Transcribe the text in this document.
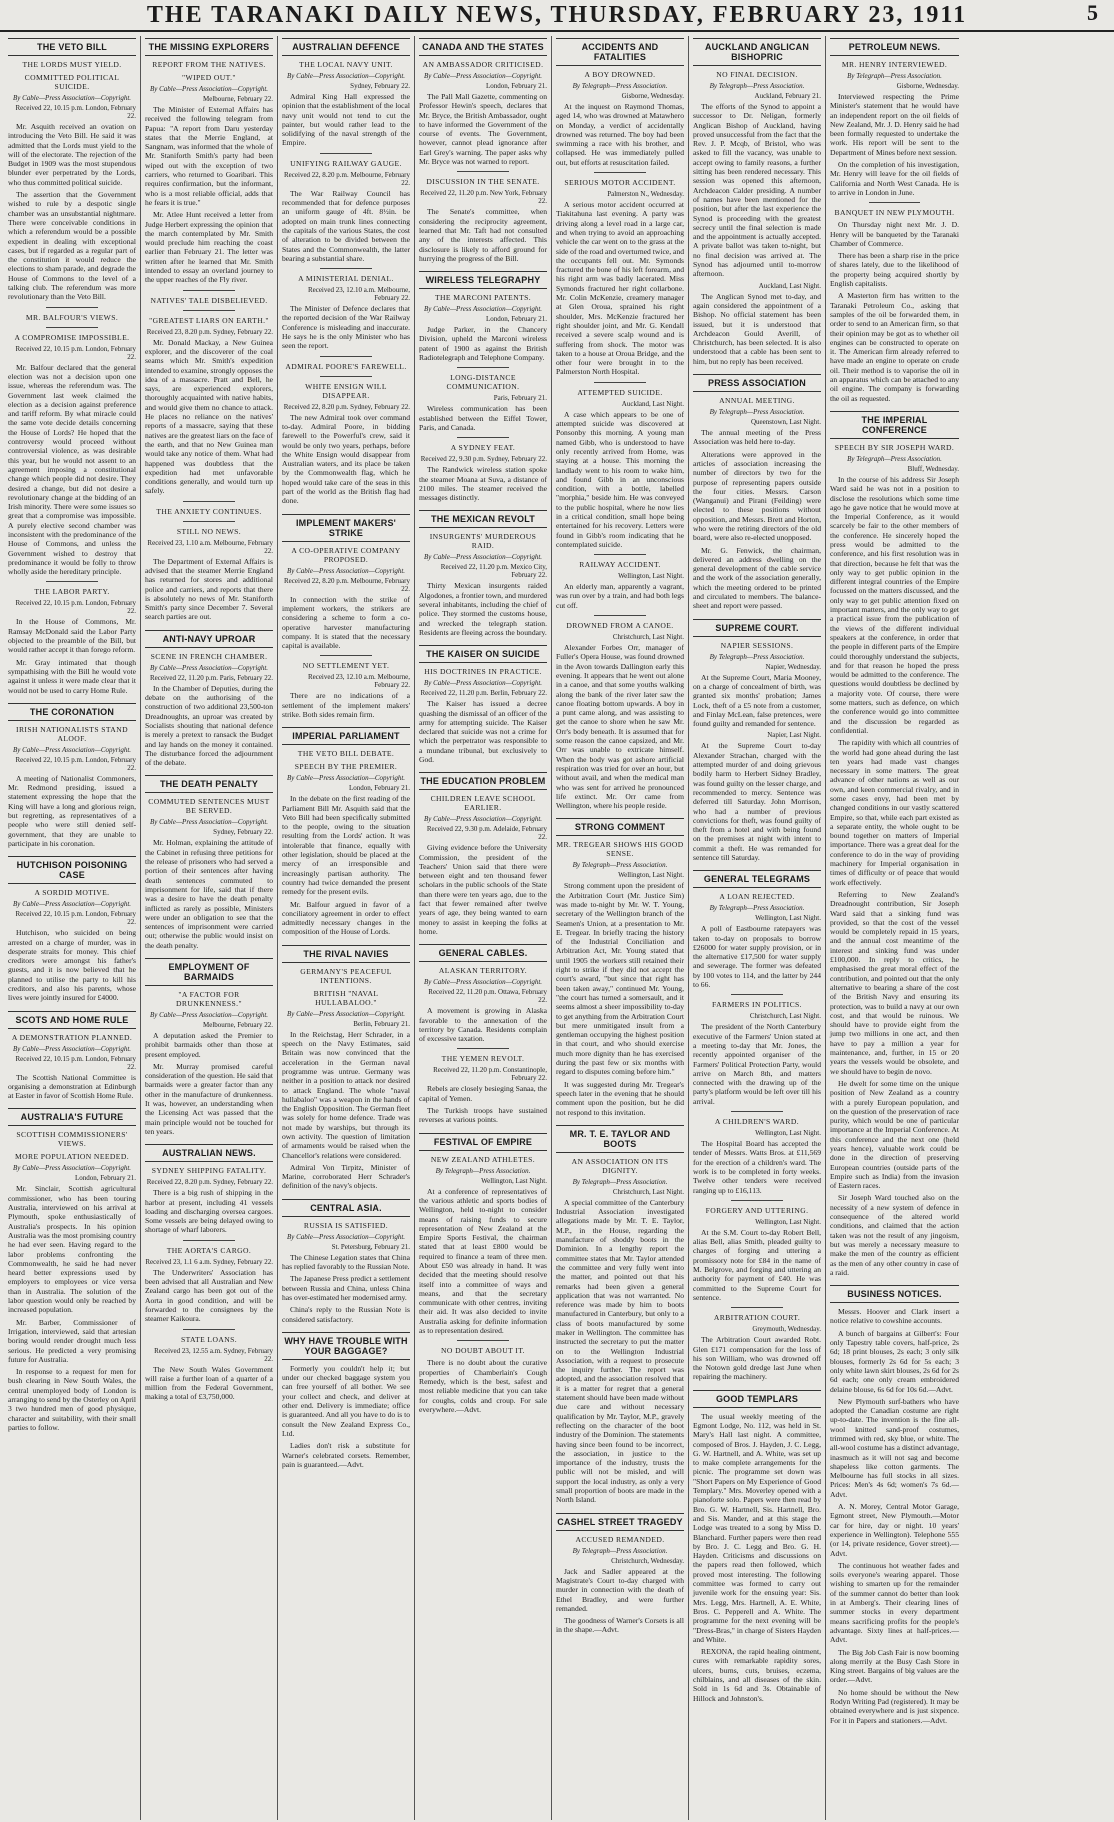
THE TARANAKI DAILY NEWS, THURSDAY, FEBRUARY 23, 1911	5
THE VETO BILL
THE LORDS MUST YIELD.
COMMITTED POLITICAL SUICIDE.
By Cable—Press Association—Copyright.
Received 22, 10.15 p.m. London, February 22.

Mr. Asquith received an ovation on introducing the Veto Bill. He said it was admitted that the Lords must yield to the will of the electorate. The rejection of the Budget in 1909 was the most stupendous blunder ever perpetrated by the Lords, who thus committed political suicide.

The assertion that the Government wished to rule by a despotic single chamber was an unsubstantial nightmare. There were conceivable conditions in which a referendum would be a possible expedient in dealing with exceptional cases, but if regarded as a regular part of the constitution it would reduce the elections to sham parade, and degrade the House of Commons to the level of a talking club. The referendum was more revolutionary than the Veto Bill.

MR. BALFOUR'S VIEWS.
A COMPROMISE IMPOSSIBLE.
Received 22, 10.15 p.m. London, February 22.

Mr. Balfour declared that the general election was not a decision upon one issue, whereas the referendum was. The Government last week claimed the election as a decision against preference and tariff reform. By what miracle could the same vote decide details concerning the House of Lords? He hoped that the controversy would proceed without controversial violence, as was desirable this year, but he would not assent to an agreement imposing a constitutional change which people did not desire. They desired a change, but did not desire a revolutionary change at the bidding of an Irish minority. There were some issues so great that a compromise was impossible. A purely elective second chamber was inconsistent with the predominance of the House of Commons, and unless the Government wished to destroy that predominance it would be folly to throw wholly aside the hereditary principle.

THE LABOR PARTY.
Received 22, 10.15 p.m. London, February 22.

In the House of Commons, Mr. Ramsay McDonald said the Labor Party objected to the preamble of the Bill, but would rather accept it than forego reform.

Mr. Gray intimated that though sympathising with the Bill he would vote against it unless it were made clear that it would not be used to carry Home Rule.

THE CORONATION
IRISH NATIONALISTS STAND ALOOF.
By Cable—Press Association—Copyright.
Received 22, 10.15 p.m. London, February 22.

A meeting of Nationalist Commoners, Mr. Redmond presiding, issued a statement expressing the hope that the King will have a long and glorious reign, but regretting, as representatives of a people who were still denied self-government, that they are unable to participate in his coronation.

HUTCHISON POISONING CASE
A SORDID MOTIVE.
By Cable—Press Association—Copyright.
Received 22, 10.15 p.m. London, February 22.

Hutchison, who suicided on being arrested on a charge of murder, was in desperate straits for money. This chief creditors were amongst his father's guests, and it is now believed that he planned to utilise the party to kill his creditors, and also his parents, whose lives were jointly insured for £4000.

SCOTS AND HOME RULE
A DEMONSTRATION PLANNED.
By Cable—Press Association—Copyright.
Received 22, 10.15 p.m. London, February 22.

The Scottish National Committee is organising a demonstration at Edinburgh at Easter in favor of Scottish Home Rule.

AUSTRALIA'S FUTURE
SCOTTISH COMMISSIONERS' VIEWS.
MORE POPULATION NEEDED.
By Cable—Press Association—Copyright.
London, February 21.

Mr. Sinclair, Scottish agricultural commissioner, who has been touring Australia, interviewed on his arrival at Plymouth, spoke enthusiastically of Australia's prospects. In his opinion Australia was the most promising country he had ever seen. Having regard to the labor problems confronting the Commonwealth, he said he had never heard better expressions used by employers to employees or vice versa than in Australia. The solution of the labor question would only be reached by increased population.

Mr. Barber, Commissioner of Irrigation, interviewed, said that artesian boring would render drought much less serious. He predicted a very promising future for Australia.

In response to a request for men for bush clearing in New South Wales, the central unemployed body of London is arranging to send by the Osterley on April 3 two hundred men of good physique, character and suitability, with their small parties to follow.

THE MISSING EXPLORERS
REPORT FROM THE NATIVES.
"WIPED OUT."
By Cable—Press Association—Copyright.
Melbourne, February 22.

The Minister of External Affairs has received the following telegram from Papua: "A report from Daru yesterday states that the Merrie England, at Sangnam, was informed that the whole of Mr. Staniforth Smith's party had been wiped out with the exception of two carriers, who returned to Goaribari. This requires confirmation, but the informant, who is a most reliable official, adds that he fears it is true."

Mr. Atlee Hunt received a letter from Judge Herbert expressing the opinion that the march contemplated by Mr. Smith would preclude him reaching the coast earlier than February 21. The letter was written after he learned that Mr. Smith intended to essay an overland journey to the upper reaches of the Fly river.

NATIVES' TALE DISBELIEVED.
"GREATEST LIARS ON EARTH."
Received 23, 8.20 p.m. Sydney, February 22.

Mr. Donald Mackay, a New Guinea explorer, and the discoverer of the coal seams which Mr. Smith's expedition intended to examine, strongly opposes the idea of a massacre. Pratt and Bell, he says, are experienced explorers, thoroughly acquainted with native habits, and would give them no chance to attack. He places no reliance on the natives' reports of a massacre, saying that these natives are the greatest liars on the face of the earth, and that no New Guinea man would take any notice of them. What had happened was doubtless that the expedition had met unfavorable conditions generally, and would turn up safely.

THE ANXIETY CONTINUES.
STILL NO NEWS.
Received 23, 1.10 a.m. Melbourne, February 22.

The Department of External Affairs is advised that the steamer Merrie England has returned for stores and additional police and carriers, and reports that there is absolutely no news of Mr. Staniforth Smith's party since December 7. Several search parties are out.

ANTI-NAVY UPROAR
SCENE IN FRENCH CHAMBER.
By Cable—Press Association—Copyright.
Received 22, 11.20 p.m. Paris, February 22.

In the Chamber of Deputies, during the debate on the authorising of the construction of two additional 23,500-ton Dreadnoughts, an uproar was created by Socialists shouting that national defence is merely a pretext to ransack the Budget and lay hands on the money it contained. The disturbance forced the adjournment of the debate.

THE DEATH PENALTY
COMMUTED SENTENCES MUST BE SERVED.
By Cable—Press Association—Copyright.
Sydney, February 22.

Mr. Holman, explaining the attitude of the Cabinet in refusing three petitions for the release of prisoners who had served a portion of their sentences after having death sentences commuted to imprisonment for life, said that if there was a desire to have the death penalty inflicted as rarely as possible, Ministers were under an obligation to see that the sentences of imprisonment were carried out; otherwise the public would insist on the death penalty.

EMPLOYMENT OF BARMAIDS
"A FACTOR FOR DRUNKENNESS."
By Cable—Press Association—Copyright.
Melbourne, February 22.

A deputation asked the Premier to prohibit barmaids other than those at present employed.

Mr. Murray promised careful consideration of the question. He said that barmaids were a greater factor than any other in the manufacture of drunkenness. It was, however, an understanding when the Licensing Act was passed that the main principle would not be touched for ten years.

AUSTRALIAN NEWS.
SYDNEY SHIPPING FATALITY.
Received 22, 8.20 p.m. Sydney, February 22.

There is a big rush of shipping in the harbor at present, including 41 vessels loading and discharging oversea cargoes. Some vessels are being delayed owing to shortage of wharf laborers.

THE AORTA'S CARGO.
Received 23, 1.1 6 a.m. Sydney, February 22.

The Underwriters' Association has been advised that all Australian and New Zealand cargo has been got out of the Aorta in good condition, and will be forwarded to the consignees by the steamer Kaikoura.

STATE LOANS.
Received 23, 12.55 a.m. Sydney, February 22.

The New South Wales Government will raise a further loan of a quarter of a million from the Federal Government, making a total of £3,750,000.

AUSTRALIAN DEFENCE
THE LOCAL NAVY UNIT.
By Cable—Press Association—Copyright.
Sydney, February 22.

Admiral King Hall expressed the opinion that the establishment of the local navy unit would not tend to cut the painter, but would rather lead to the solidifying of the naval strength of the Empire.

UNIFYING RAILWAY GAUGE.
Received 22, 8.20 p.m. Melbourne, February 22.

The War Railway Council has recommended that for defence purposes an uniform gauge of 4ft. 8½in. be adopted on main trunk lines connecting the capitals of the various States, the cost of alteration to be divided between the States and the Commonwealth, the latter bearing a substantial share.

A MINISTERIAL DENIAL.
Received 23, 12.10 a.m. Melbourne, February 22.

The Minister of Defence declares that the reported decision of the War Railway Conference is misleading and inaccurate. He says he is the only Minister who has seen the report.

ADMIRAL POORE'S FAREWELL.
WHITE ENSIGN WILL DISAPPEAR.
Received 22, 8.20 p.m. Sydney, February 22.

The new Admiral took over command to-day. Admiral Poore, in bidding farewell to the Powerful's crew, said it would be only two years, perhaps, before the White Ensign would disappear from Australian waters, and its place be taken by the Commonwealth flag, which he hoped would take care of the seas in this part of the world as the British flag had done.

IMPLEMENT MAKERS' STRIKE
A CO-OPERATIVE COMPANY PROPOSED.
By Cable—Press Association—Copyright.
Received 22, 8.20 p.m. Melbourne, February 22.

In connection with the strike of implement workers, the strikers are considering a scheme to form a co-operative harvester manufacturing company. It is stated that the necessary capital is available.

NO SETTLEMENT YET.
Received 23, 12.10 a.m. Melbourne, February 22.

There are no indications of a settlement of the implement makers' strike. Both sides remain firm.

IMPERIAL PARLIAMENT
THE VETO BILL DEBATE.
SPEECH BY THE PREMIER.
By Cable—Press Association—Copyright.
London, February 21.

In the debate on the first reading of the Parliament Bill Mr. Asquith said that the Veto Bill had been specifically submitted to the people, owing to the situation resulting from the Lords' action. It was intolerable that finance, equally with other legislation, should be placed at the mercy of an irresponsible and increasingly partisan authority. The country had twice demanded the present remedy for the present evils.

Mr. Balfour argued in favor of a conciliatory agreement in order to effect admittedly necessary changes in the composition of the House of Lords.

THE RIVAL NAVIES
GERMANY'S PEACEFUL INTENTIONS.
BRITISH "NAVAL HULLABALOO."
By Cable—Press Association—Copyright.
Berlin, February 21.

In the Reichstag, Herr Schrader, in a speech on the Navy Estimates, said Britain was now convinced that the acceleration in the German naval programme was untrue. Germany was neither in a position to attack nor desired to attack England. The whole "naval hullabaloo" was a weapon in the hands of the English Opposition. The German fleet was solely for home defence. Trade was not made by warships, but through its own activity. The question of limitation of armaments would be raised when the Chancellor's relations were considered.

Admiral Von Tirpitz, Minister of Marine, corroborated Herr Schrader's definition of the navy's objects.

CENTRAL ASIA.
RUSSIA IS SATISFIED.
By Cable—Press Association—Copyright.
St. Petersburg, February 21.

The Chinese Legation states that China has replied favorably to the Russian Note.

The Japanese Press predict a settlement between Russia and China, unless China has over-estimated her modernised army.

China's reply to the Russian Note is considered satisfactory.

WHY HAVE TROUBLE WITH YOUR BAGGAGE?

Formerly you couldn't help it; but under our checked baggage system you can free yourself of all bother. We see your collect and check, and deliver at other end. Delivery is immediate; office is guaranteed. And all you have to do is to consult the New Zealand Express Co., Ltd.

Ladies don't risk a substitute for Warner's celebrated corsets. Remember, pain is guaranteed.—Advt.

CANADA AND THE STATES
AN AMBASSADOR CRITICISED.
By Cable—Press Association—Copyright.
London, February 21.

The Pall Mall Gazette, commenting on Professor Hewin's speech, declares that Mr. Bryce, the British Ambassador, ought to have informed the Government of the course of events. The Government, however, cannot plead ignorance after Earl Grey's warning. The paper asks why Mr. Bryce was not warned to report.

DISCUSSION IN THE SENATE.
Received 22, 11.20 p.m. New York, February 22.

The Senate's committee, when considering the reciprocity agreement, learned that Mr. Taft had not consulted any of the interests affected. This disclosure is likely to afford ground for hurrying the progress of the Bill.

WIRELESS TELEGRAPHY
THE MARCONI PATENTS.
By Cable—Press Association—Copyright.
London, February 21.

Judge Parker, in the Chancery Division, upheld the Marconi wireless patent of 1900 as against the British Radiotelegraph and Telephone Company.

LONG-DISTANCE COMMUNICATION.
Paris, February 21.

Wireless communication has been established between the Eiffel Tower, Paris, and Canada.

A SYDNEY FEAT.
Received 22, 9.30 p.m. Sydney, February 22.

The Randwick wireless station spoke the steamer Moana at Suva, a distance of 2100 miles. The steamer received the messages distinctly.

THE MEXICAN REVOLT
INSURGENTS' MURDEROUS RAID.
By Cable—Press Association—Copyright.
Received 22, 11.20 p.m. Mexico City, February 22.

Thirty Mexican insurgents raided Algodones, a frontier town, and murdered several inhabitants, including the chief of police. They stormed the customs house, and wrecked the telegraph station. Residents are fleeing across the boundary.

THE KAISER ON SUICIDE
HIS DOCTRINES IN PRACTICE.
By Cable—Press Association—Copyright.
Received 22, 11.20 p.m. Berlin, February 22.

The Kaiser has issued a decree quashing the dismissal of an officer of the army for attempting suicide. The Kaiser declared that suicide was not a crime for which the perpetrator was responsible to a mundane tribunal, but exclusively to God.

THE EDUCATION PROBLEM
CHILDREN LEAVE SCHOOL EARLIER.
By Cable—Press Association—Copyright.
Received 22, 9.30 p.m. Adelaide, February 22.

Giving evidence before the University Commission, the president of the Teachers' Union said that there were between eight and ten thousand fewer scholars in the public schools of the State than there were ten years ago, due to the fact that fewer remained after twelve years of age, they being wanted to earn money to assist in keeping the folks at home.

GENERAL CABLES.
ALASKAN TERRITORY.
By Cable—Press Association—Copyright.
Received 22, 11.20 p.m. Ottawa, February 22.

A movement is growing in Alaska favorable to the annexation of the territory by Canada. Residents complain of excessive taxation.

THE YEMEN REVOLT.
Received 22, 11.20 p.m. Constantinople, February 22.

Rebels are closely besieging Sanaa, the capital of Yemen.

The Turkish troops have sustained reverses at various points.

FESTIVAL OF EMPIRE
NEW ZEALAND ATHLETES.
By Telegraph—Press Association.
Wellington, Last Night.

At a conference of representatives of the various athletic and sports bodies of Wellington, held to-night to consider means of raising funds to secure representation of New Zealand at the Empire Sports Festival, the chairman stated that at least £800 would be required to finance a team of three men. About £50 was already in hand. It was decided that the meeting should resolve itself into a committee of ways and means, and that the secretary communicate with other centres, inviting their aid. It was also decided to invite Australia asking for definite information as to representation desired.

NO DOUBT ABOUT IT.

There is no doubt about the curative properties of Chamberlain's Cough Remedy, which is the best, safest and most reliable medicine that you can take for coughs, colds and croup. For sale everywhere.—Advt.

ACCIDENTS AND FATALITIES
A BOY DROWNED.
By Telegraph—Press Association.
Gisborne, Wednesday.

At the inquest on Raymond Thomas, aged 14, who was drowned at Matawhero on Monday, a verdict of accidentally drowned was returned. The boy had been swimming a race with his brother, and collapsed. He was immediately pulled out, but efforts at resuscitation failed.

SERIOUS MOTOR ACCIDENT.
Palmerston N., Wednesday.

A serious motor accident occurred at Tiakitahuna last evening. A party was driving along a level road in a large car, and when trying to avoid an approaching vehicle the car went on to the grass at the side of the road and overturned twice, and the occupants fell out. Mr. Symonds fractured the bone of his left forearm, and his right arm was badly lacerated. Miss Symonds fractured her right collarbone. Mr. Colin McKenzie, creamery manager at Glen Oroua, sprained his right shoulder, Mrs. McKenzie fractured her right shoulder joint, and Mr. G. Kendall received a severe scalp wound and is suffering from shock. The motor was taken to a house at Oroua Bridge, and the other four were brought in to the Palmerston North Hospital.

ATTEMPTED SUICIDE.
Auckland, Last Night.

A case which appears to be one of attempted suicide was discovered at Ponsonby this morning. A young man named Gibb, who is understood to have only recently arrived from Home, was staying at a house. This morning the landlady went to his room to wake him, and found Gibb in an unconscious condition, with a bottle, labelled "morphia," beside him. He was conveyed to the public hospital, where he now lies in a critical condition, small hope being entertained for his recovery. Letters were found in Gibb's room indicating that he contemplated suicide.

RAILWAY ACCIDENT.
Wellington, Last Night.

An elderly man, apparently a vagrant, was run over by a train, and had both legs cut off.

DROWNED FROM A CANOE.
Christchurch, Last Night.

Alexander Forbes Orr, manager of Fuller's Opera House, was found drowned in the Avon towards Dallington early this evening. It appears that he went out alone in a canoe, and that some youths walking along the bank of the river later saw the canoe floating bottom upwards. A boy in a punt came along, and was assisting to get the canoe to shore when he saw Mr. Orr's body beneath. It is assumed that for some reason the canoe capsized, and Mr. Orr was unable to extricate himself. When the body was got ashore artificial respiration was tried for over an hour, but without avail, and when the medical man who was sent for arrived he pronounced life extinct. Mr. Orr came from Wellington, where his people reside.

STRONG COMMENT
MR. TREGEAR SHOWS HIS GOOD SENSE.
By Telegraph—Press Association.
Wellington, Last Night.

Strong comment upon the president of the Arbitration Court (Mr. Justice Sim) was made to-night by Mr. W. T. Young, secretary of the Wellington branch of the Seamen's Union, at a presentation to Mr. E. Tregear. In briefly tracing the history of the Industrial Conciliation and Arbitration Act, Mr. Young stated that until 1905 the workers still retained their right to strike if they did not accept the court's award, "but since that right has been taken away," continued Mr. Young, "the court has turned a somersault, and it seems almost a sheer impossibility to-day to get anything from the Arbitration Court but mere unmitigated insult from a gentleman occupying the highest position in that court, and who should exercise much more dignity than he has exercised during the past few or six months with regard to disputes coming before him."

It was suggested during Mr. Tregear's speech later in the evening that he should comment upon the position, but he did not respond to this invitation.

MR. T. E. TAYLOR AND BOOTS
AN ASSOCIATION ON ITS DIGNITY.
By Telegraph—Press Association.
Christchurch, Last Night.

A special committee of the Canterbury Industrial Association investigated allegations made by Mr. T. E. Taylor, M.P., in the House, regarding the manufacture of shoddy boots in the Dominion. In a lengthy report the committee states that Mr. Taylor attended the committee and very fully went into the matter, and pointed out that his remarks had been given a general application that was not warranted. No reference was made by him to boots manufactured in Canterbury, but only to a class of boots manufactured by some maker in Wellington. The committee has instructed the secretary to put the matter on to the Wellington Industrial Association, with a request to prosecute the inquiry further. The report was adopted, and the association resolved that it is a matter for regret that a general statement should have been made without due care and without necessary qualification by Mr. Taylor, M.P., gravely reflecting on the character of the boot industry of the Dominion. The statements having since been found to be incorrect, the association, in justice to the importance of the industry, trusts the public will not be misled, and will support the local industry, as only a very small proportion of boots are made in the North Island.

CASHEL STREET TRAGEDY
ACCUSED REMANDED.
By Telegraph—Press Association.
Christchurch, Wednesday.

Jack and Sadler appeared at the Magistrate's Court to-day charged with murder in connection with the death of Ethel Bradley, and were further remanded.

The goodness of Warner's Corsets is all in the shape.—Advt.

AUCKLAND ANGLICAN BISHOPRIC
NO FINAL DECISION.
By Telegraph—Press Association.
Auckland, February 21.

The efforts of the Synod to appoint a successor to Dr. Neligan, formerly Anglican Bishop of Auckland, having proved unsuccessful from the fact that the Rev. J. P. Mcqb, of Bristol, who was asked to fill the vacancy, was unable to accept owing to family reasons, a further sitting has been rendered necessary. This session was opened this afternoon, Archdeacon Calder presiding. A number of names have been mentioned for the position, but after the last experience the Synod is proceeding with the greatest secrecy until the final selection is made and the appointment is actually accepted. A private ballot was taken to-night, but no final decision was arrived at. The Synod has adjourned until to-morrow afternoon.

Auckland, Last Night.

The Anglican Synod met to-day, and again considered the appointment of a Bishop. No official statement has been issued, but it is understood that Archdeacon Gould Averill, of Christchurch, has been selected. It is also understood that a cable has been sent to him, but no reply has been received.

PRESS ASSOCIATION
ANNUAL MEETING.
By Telegraph—Press Association.
Queenstown, Last Night.

The annual meeting of the Press Association was held here to-day.

Alterations were approved in the articles of association increasing the number of directors by two for the purpose of representing papers outside the four cities. Messrs. Carson (Wanganui) and Pirani (Feilding) were elected to these positions without opposition, and Messrs. Brett and Horton, who were the retiring directors of the old board, were also re-elected unopposed.

Mr. G. Fenwick, the chairman, delivered an address dwelling on the general development of the cable service and the work of the association generally, which the meeting ordered to be printed and circulated to members. The balance-sheet and report were passed.

SUPREME COURT.
NAPIER SESSIONS.
By Telegraph—Press Association.
Napier, Wednesday.

At the Supreme Court, Maria Mooney, on a charge of concealment of birth, was granted six months' probation; James Lock, theft of a £5 note from a customer, and Finlay McLean, false pretences, were found guilty and remanded for sentence.

Napier, Last Night.

At the Supreme Court to-day Alexander Strachan, charged with the attempted murder of and doing grievous bodily harm to Herbert Sidney Bradley, was found guilty on the lesser charge, and recommended to mercy. Sentence was deferred till Saturday. John Morrison, who had a number of previous convictions for theft, was found guilty of theft from a hotel and with being found on the premises at night with intent to commit a theft. He was remanded for sentence till Saturday.

GENERAL TELEGRAMS
A LOAN REJECTED.
By Telegraph—Press Association.
Wellington, Last Night.

A poll of Eastbourne ratepayers was taken to-day on proposals to borrow £26000 for water supply provision, or in the alternative £17,500 for water supply and sewerage. The former was defeated by 100 votes to 114, and the latter by 244 to 66.

FARMERS IN POLITICS.
Christchurch, Last Night.

The president of the North Canterbury executive of the Farmers' Union stated at a meeting to-day that Mr. Jones, the recently appointed organiser of the Farmers' Political Protection Party, would arrive on March 8th, and matters connected with the drawing up of the party's platform would be left over till his arrival.

A CHILDREN'S WARD.
Wellington, Last Night.

The Hospital Board has accepted the tender of Messrs. Watts Bros. at £11,569 for the erection of a children's ward. The work is to be completed in forty weeks. Twelve other tenders were received ranging up to £16,113.

FORGERY AND UTTERING.
Wellington, Last Night.

At the S.M. Court to-day Robert Bell, alias Bell, alias Smith, pleaded guilty to charges of forging and uttering a promissory note for £84 in the name of M. Belgrove, and forging and uttering an authority for payment of £40. He was committed to the Supreme Court for sentence.

ARBITRATION COURT.
Greymouth, Wednesday.

The Arbitration Court awarded Robt. Glen £171 compensation for the loss of his son William, who was drowned off the Notown gold dredge last June when repairing the machinery.

GOOD TEMPLARS

The usual weekly meeting of the Egmont Lodge, No. 112, was held in St. Mary's Hall last night. A committee, composed of Bros. J. Hayden, J. C. Legg, G. W. Hartnell, and A. White, was set up to make complete arrangements for the picnic. The programme set down was "Short Papers on My Experience of Good Templary." Mrs. Moverley opened with a pianoforte solo. Papers were then read by Bro. G. W. Hartnell, Sis. Hartnell, Bro. and Sis. Mander, and at this stage the Lodge was treated to a song by Miss D. Blanchard. Further papers were then read by Bro. J. C. Legg and Bro. G. H. Hayden. Criticisms and discussions on the papers read then followed, which proved most interesting. The following committee was formed to carry out juvenile work for the ensuing year: Sis. Mrs. Legg, Mrs. Hartnell, A. E. White, Bros. C. Pepperell and A. White. The programme for the next evening will be "Dress-Bras," in charge of Sisters Hayden and White.

REXONA, the rapid healing ointment, cures with remarkable rapidity sores, ulcers, burns, cuts, bruises, eczema, chilblains, and all diseases of the skin. Sold in 1s 6d and 3s. Obtainable of Hillock and Johnston's.

PETROLEUM NEWS.
MR. HENRY INTERVIEWED.
By Telegraph—Press Association.
Gisborne, Wednesday.

Interviewed respecting the Prime Minister's statement that he would have an independent report on the oil fields of New Zealand, Mr. J. D. Henry said he had been formally requested to undertake the work. His report will be sent to the Department of Mines before next session.

On the completion of his investigation, Mr. Henry will leave for the oil fields of California and North West Canada. He is to arrive in London in June.

BANQUET IN NEW PLYMOUTH.

On Thursday night next Mr. J. D. Henry will be banqueted by the Taranaki Chamber of Commerce.

There has been a sharp rise in the price of shares lately, due to the likelihood of the property being acquired shortly by English capitalists.

A Masterton firm has written to the Taranaki Petroleum Co., asking that samples of the oil be forwarded them, in order to send to an American firm, so that their opinion may be got as to whether oil engines can be constructed to operate on it. The American firm already referred to have made an engine to operate on crude oil. Their method is to vaporise the oil in an apparatus which can be attached to any oil engine. The company is forwarding the oil as requested.

THE IMPERIAL CONFERENCE
SPEECH BY SIR JOSEPH WARD.
By Telegraph—Press Association.
Bluff, Wednesday.

In the course of his address Sir Joseph Ward said he was not in a position to disclose the resolutions which some time ago he gave notice that he would move at the Imperial Conference, as it would scarcely be fair to the other members of the conference. He sincerely hoped the press would be admitted to the conference, and his first resolution was in that direction, because he felt that was the only way to get public opinion in the different integral countries of the Empire focussed on the matters discussed, and the only way to get public attention fixed on important matters, and the only way to get a practical issue from the publication of the views of the different individual speakers at the conference, in order that the people in different parts of the Empire could thoroughly understand the subjects, and for that reason he hoped the press would be admitted to the conference. The questions would doubtless be declined by a majority vote. Of course, there were some matters, such as defence, on which the conference would go into committee and the discussion be regarded as confidential.

The rapidity with which all countries of the world had gone ahead during the last ten years had made vast changes necessary in some matters. The great advance of other nations as well as our own, and keen commercial rivalry, and in some cases envy, had been met by changed conditions in our vastly scattered Empire, so that, while each part existed as a separate entity, the whole ought to be bound together on matters of Imperial importance. There was a great deal for the conference to do in the way of providing machinery for Imperial organisation in times of difficulty or of peace that would work effectively.

Referring to New Zealand's Dreadnought contribution, Sir Joseph Ward said that a sinking fund was provided, so that the cost of the vessel would be completely repaid in 15 years, and the annual cost meantime of the interest and sinking fund was under £100,000. In reply to critics, he emphasised the great moral effect of the contribution, and pointed out that the only alternative to bearing a share of the cost of the British Navy and ensuring its protection, was to build a navy at our own cost, and that would be ruinous. We should have to provide eight from the jump two millions in one act, and then have to pay a million a year for maintenance, and, further, in 15 or 20 years the vessels would be obsolete, and we should have to begin de novo.

He dwelt for some time on the unique position of New Zealand as a country with a purely European population, and on the question of the preservation of race purity, which would be one of particular importance at the Imperial Conference. At this conference and the next one (held years hence), valuable work could be done in the direction of preserving European countries (outside parts of the Empire such as India) from the invasion of Eastern races.

Sir Joseph Ward touched also on the necessity of a new system of defence in consequence of the altered world conditions, and claimed that the action taken was not the result of any jingoism, but was merely a necessary measure to make the men of the country as efficient as the men of any other country in case of a raid.

BUSINESS NOTICES.

Messrs. Hoover and Clark insert a notice relative to cowshine accounts.

A bunch of bargains at Gilbert's: Four only Tapestry table covers, half-price, 2s 6d; 18 print blouses, 2s each; 3 only silk blouses, formerly 2s 6d for 5s each; 3 only white lawn skirt blouses, 2s 6d for 2s 6d each; one only cream embroidered delaine blouse, 6s 6d for 10s 6d.—Advt.

New Plymouth surf-bathers who have adopted the Canadian costume are right up-to-date. The invention is the fine all-wool knitted sand-proof costumes, trimmed with red, sky blue, or white. The all-wool costume has a distinct advantage, inasmuch as it will not sag and become shapeless like cotton garments. The Melbourne has full stocks in all sizes. Prices: Men's 4s 6d; women's 7s 6d.—Advt.

A. N. Morey, Central Motor Garage, Egmont street, New Plymouth.—Motor car for hire, day or night. 10 years' experience in Wellington). Telephone 555 (or 14, private residence, Gover street).—Advt.

The continuous hot weather fades and soils everyone's wearing apparel. Those wishing to smarten up for the remainder of the summer cannot do better than look in at Amberg's. Their clearing lines of summer stocks in every department means sacrificing profits for the people's advantage. Sixty lines at half-prices.—Advt.

The Big Job Cash Fair is now booming along merrily at the Busy Cash Store in King street. Bargains of big values are the order.—Advt.

No home should be without the New Rodyn Writing Pad (registered). It may be obtained everywhere and is just sixpence. For it in Papers and stationers.—Advt.
